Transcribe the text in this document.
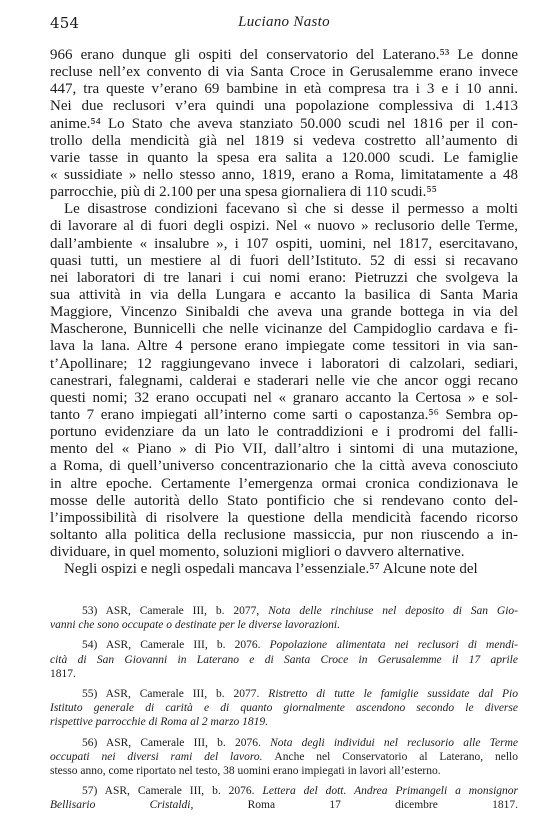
454	Luciano Nasto
966 erano dunque gli ospiti del conservatorio del Laterano.⁵³ Le donne
recluse nell’ex convento di via Santa Croce in Gerusalemme erano invece
447, tra queste v’erano 69 bambine in età compresa tra i 3 e i 10 anni.
Nei due reclusori v’era quindi una popolazione complessiva di 1.413
anime.⁵⁴ Lo Stato che aveva stanziato 50.000 scudi nel 1816 per il con-
trollo della mendicità già nel 1819 si vedeva costretto all’aumento di
varie tasse in quanto la spesa era salita a 120.000 scudi. Le famiglie
« sussidiate » nello stesso anno, 1819, erano a Roma, limitatamente a 48
parrocchie, più di 2.100 per una spesa giornaliera di 110 scudi.⁵⁵
Le disastrose condizioni facevano sì che si desse il permesso a molti
di lavorare al di fuori degli ospizi. Nel « nuovo » reclusorio delle Terme,
dall’ambiente « insalubre », i 107 ospiti, uomini, nel 1817, esercitavano,
quasi tutti, un mestiere al di fuori dell’Istituto. 52 di essi si recavano
nei laboratori di tre lanari i cui nomi erano: Pietruzzi che svolgeva la
sua attività in via della Lungara e accanto la basilica di Santa Maria
Maggiore, Vincenzo Sinibaldi che aveva una grande bottega in via del
Mascherone, Bunnicelli che nelle vicinanze del Campidoglio cardava e fi-
lava la lana. Altre 4 persone erano impiegate come tessitori in via san-
t’Apollinare; 12 raggiungevano invece i laboratori di calzolari, sediari,
canestrari, falegnami, calderai e staderari nelle vie che ancor oggi recano
questi nomi; 32 erano occupati nel « granaro accanto la Certosa » e sol-
tanto 7 erano impiegati all’interno come sarti o capostanza.⁵⁶ Sembra op-
portuno evidenziare da un lato le contraddizioni e i prodromi del falli-
mento del « Piano » di Pio VII, dall’altro i sintomi di una mutazione,
a Roma, di quell’universo concentrazionario che la città aveva conosciuto
in altre epoche. Certamente l’emergenza ormai cronica condizionava le
mosse delle autorità dello Stato pontificio che si rendevano conto del-
l’impossibilità di risolvere la questione della mendicità facendo ricorso
soltanto alla politica della reclusione massiccia, pur non riuscendo a in-
dividuare, in quel momento, soluzioni migliori o davvero alternative.
Negli ospizi e negli ospedali mancava l’essenziale.⁵⁷ Alcune note del
53) ASR, Camerale III, b. 2077, Nota delle rinchiuse nel deposito di San Gio-
vanni che sono occupate o destinate per le diverse lavorazioni.
54) ASR, Camerale III, b. 2076. Popolazione alimentata nei reclusori di mendi-
cità di San Giovanni in Laterano e di Santa Croce in Gerusalemme il 17 aprile
1817.
55) ASR, Camerale III, b. 2077. Ristretto di tutte le famiglie sussidate dal Pio
Istituto generale di carità e di quanto giornalmente ascendono secondo le diverse
rispettive parrocchie di Roma al 2 marzo 1819.
56) ASR, Camerale III, b. 2076. Nota degli individui nel reclusorio alle Terme
occupati nei diversi rami del lavoro. Anche nel Conservatorio al Laterano, nello
stesso anno, come riportato nel testo, 38 uomini erano impiegati in lavori all’esterno.
57) ASR, Camerale III, b. 2076. Lettera del dott. Andrea Primangeli a monsignor
Bellisario Cristaldi, Roma 17 dicembre 1817.
